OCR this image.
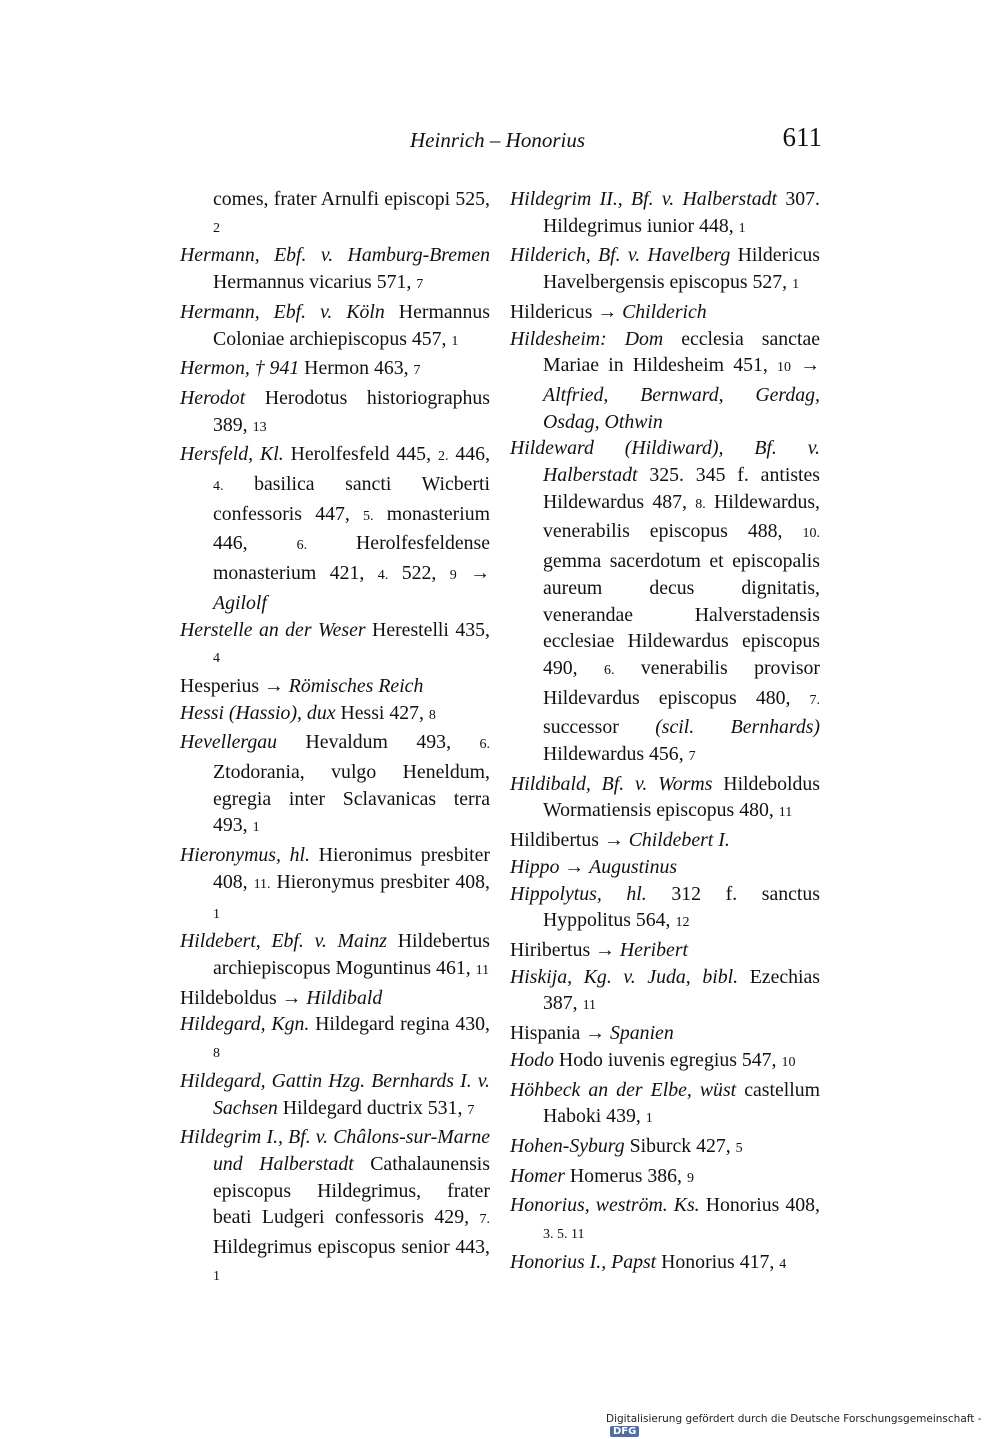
Heinrich – Honorius	611

comes, frater Arnulfi episcopi 525, 2

Hermann, Ebf. v. Hamburg-Bremen Hermannus vicarius 571, 7

Hermann, Ebf. v. Köln Hermannus Coloniae archiepiscopus 457, 1

Hermon, † 941 Hermon 463, 7

Herodot Herodotus historiographus 389, 13

Hersfeld, Kl. Herolfesfeld 445, 2. 446, 4. basilica sancti Wicberti confessoris 447, 5. monasterium 446, 6. Herolfesfeldense monasterium 421, 4. 522, 9 → Agilolf

Herstelle an der Weser Herestelli 435, 4

Hesperius → Römisches Reich

Hessi (Hassio), dux Hessi 427, 8

Hevellergau Hevaldum 493, 6. Ztodorania, vulgo Heneldum, egregia inter Sclavanicas terra 493, 1

Hieronymus, hl. Hieronimus presbiter 408, 11. Hieronymus presbiter 408, 1

Hildebert, Ebf. v. Mainz Hildebertus archiepiscopus Moguntinus 461, 11

Hildeboldus → Hildibald

Hildegard, Kgn. Hildegard regina 430, 8

Hildegard, Gattin Hzg. Bernhards I. v. Sachsen Hildegard ductrix 531, 7

Hildegrim I., Bf. v. Châlons-sur-Marne und Halberstadt Cathalaunensis episcopus Hildegrimus, frater beati Ludgeri confessoris 429, 7. Hildegrimus episcopus senior 443, 1

Hildegrim II., Bf. v. Halberstadt 307. Hildegrimus iunior 448, 1

Hilderich, Bf. v. Havelberg Hildericus Havelbergensis episcopus 527, 1

Hildericus → Childerich

Hildesheim: Dom ecclesia sanctae Mariae in Hildesheim 451, 10 → Altfried, Bernward, Gerdag, Osdag, Othwin

Hildeward (Hildiward), Bf. v. Halberstadt 325. 345 f. antistes Hildewardus 487, 8. Hildewardus, venerabilis episcopus 488, 10. gemma sacerdotum et episcopalis aureum decus dignitatis, venerandae Halverstadensis ecclesiae Hildewardus episcopus 490, 6. venerabilis provisor Hildevardus episcopus 480, 7. successor (scil. Bernhards) Hildewardus 456, 7

Hildibald, Bf. v. Worms Hildeboldus Wormatiensis episcopus 480, 11

Hildibertus → Childebert I.

Hippo → Augustinus

Hippolytus, hl. 312 f. sanctus Hyppolitus 564, 12

Hiribertus → Heribert

Hiskija, Kg. v. Juda, bibl. Ezechias 387, 11

Hispania → Spanien

Hodo Hodo iuvenis egregius 547, 10

Höhbeck an der Elbe, wüst castellum Haboki 439, 1

Hohen-Syburg Siburck 427, 5

Homer Homerus 386, 9

Honorius, weström. Ks. Honorius 408, 3. 5. 11

Honorius I., Papst Honorius 417, 4

Digitalisierung gefördert durch die Deutsche Forschungsgemeinschaft -DFG
